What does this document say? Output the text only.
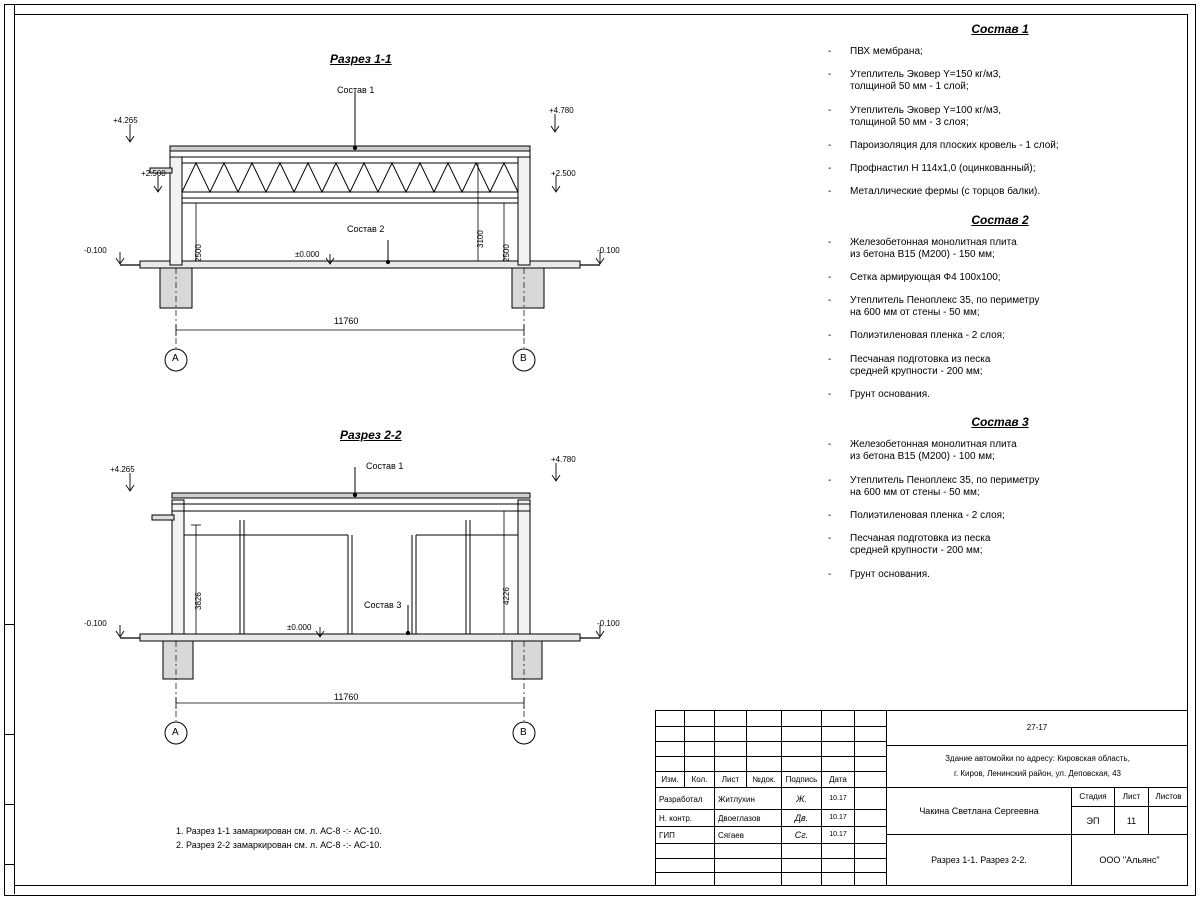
Разрез 1-1
Состав 1
Состав 2
+4.265
+4.780
+2.500	+2.500
-0.100	-0.100
±0.000
2500
3100
2500
11760
A	B
Разрез 2-2
Состав 1
Состав 3
+4.265
+4.780
-0.100	-0.100
±0.000
3826	4226
11760
A	B
1. Разрез 1-1 замаркирован см. л. АС-8 -:- АС-10.
2. Разрез 2-2 замаркирован см. л. АС-8 -:- АС-10.
Состав 1
- ПВХ мембрана;
- Утеплитель Эковер Y=150 кг/м3,
толщиной 50 мм - 1 слой;
- Утеплитель Эковер Y=100 кг/м3,
толщиной 50 мм - 3 слоя;
- Пароизоляция для плоских кровель - 1 слой;
- Профнастил Н 114х1,0 (оцинкованный);
- Металлические фермы (с торцов балки).
Состав 2
- Железобетонная монолитная плита
из бетона В15 (М200) - 150 мм;
- Сетка армирующая Ф4 100х100;
- Утеплитель Пеноплекс 35, по периметру
на 600 мм от стены - 50 мм;
- Полиэтиленовая пленка - 2 слоя;
- Песчаная подготовка из песка
средней крупности - 200 мм;
- Грунт основания.
Состав 3
- Железобетонная монолитная плита
из бетона В15 (М200) - 100 мм;
- Утеплитель Пеноплекс 35, по периметру
на 600 мм от стены - 50 мм;
- Полиэтиленовая пленка - 2 слоя;
- Песчаная подготовка из песка
средней крупности - 200 мм;
- Грунт основания.
Изм.	Кол.	Лист	№док.	Подпись	Дата
Разработал	Житлухин	Ж.	10.17
Н. контр.	Двоеглазов	Дв.	10.17
ГИП	Сягаев	Сг.	10.17
27-17
Здание автомойки по адресу: Кировская область,
г. Киров, Ленинский район, ул. Деповская, 43
Чакина Светлана Сергеевна
Стадия	Лист	Листов
ЭП	11
Разрез 1-1. Разрез 2-2.	ООО "Альянс"
